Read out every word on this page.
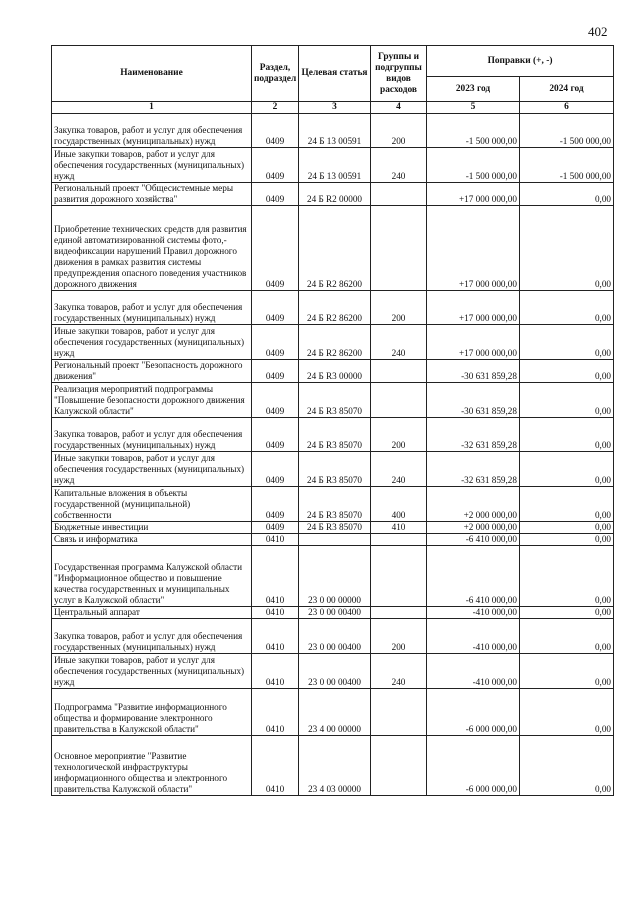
402
Наименование	Раздел, подраздел	Целевая статья	Группы и подгруппы видов расходов	Поправки (+, -)	
				2023 год	2024 год
1	2	3	4	5	6
Закупка товаров, работ и услуг для обеспечения государственных (муниципальных) нужд	0409	24 Б 13 00591	200	-1 500 000,00	-1 500 000,00
Иные закупки товаров, работ и услуг для обеспечения государственных (муниципальных) нужд	0409	24 Б 13 00591	240	-1 500 000,00	-1 500 000,00
Региональный проект "Общесистемные меры развития дорожного хозяйства"	0409	24 Б R2 00000		+17 000 000,00	0,00
Приобретение технических средств для развития единой автоматизированной системы фото,-видеофиксации нарушений Правил дорожного движения в рамках развития системы предупреждения опасного поведения участников дорожного движения	0409	24 Б R2 86200		+17 000 000,00	0,00
Закупка товаров, работ и услуг для обеспечения государственных (муниципальных) нужд	0409	24 Б R2 86200	200	+17 000 000,00	0,00
Иные закупки товаров, работ и услуг для обеспечения государственных (муниципальных) нужд	0409	24 Б R2 86200	240	+17 000 000,00	0,00
Региональный проект "Безопасность дорожного движения"	0409	24 Б R3 00000		-30 631 859,28	0,00
Реализация мероприятий подпрограммы "Повышение безопасности дорожного движения Калужской области"	0409	24 Б R3 85070		-30 631 859,28	0,00
Закупка товаров, работ и услуг для обеспечения государственных (муниципальных) нужд	0409	24 Б R3 85070	200	-32 631 859,28	0,00
Иные закупки товаров, работ и услуг для обеспечения государственных (муниципальных) нужд	0409	24 Б R3 85070	240	-32 631 859,28	0,00
Капитальные вложения в объекты государственной (муниципальной) собственности	0409	24 Б R3 85070	400	+2 000 000,00	0,00
Бюджетные инвестиции	0409	24 Б R3 85070	410	+2 000 000,00	0,00
Связь и информатика	0410			-6 410 000,00	0,00
Государственная программа Калужской области "Информационное общество и повышение качества государственных и муниципальных услуг в Калужской области"	0410	23 0 00 00000		-6 410 000,00	0,00
Центральный аппарат	0410	23 0 00 00400		-410 000,00	0,00
Закупка товаров, работ и услуг для обеспечения государственных (муниципальных) нужд	0410	23 0 00 00400	200	-410 000,00	0,00
Иные закупки товаров, работ и услуг для обеспечения государственных (муниципальных) нужд	0410	23 0 00 00400	240	-410 000,00	0,00
Подпрограмма "Развитие информационного общества и формирование электронного правительства в Калужской области"	0410	23 4 00 00000		-6 000 000,00	0,00
Основное мероприятие "Развитие технологической инфраструктуры информационного общества и электронного правительства Калужской области"	0410	23 4 03 00000		-6 000 000,00	0,00
